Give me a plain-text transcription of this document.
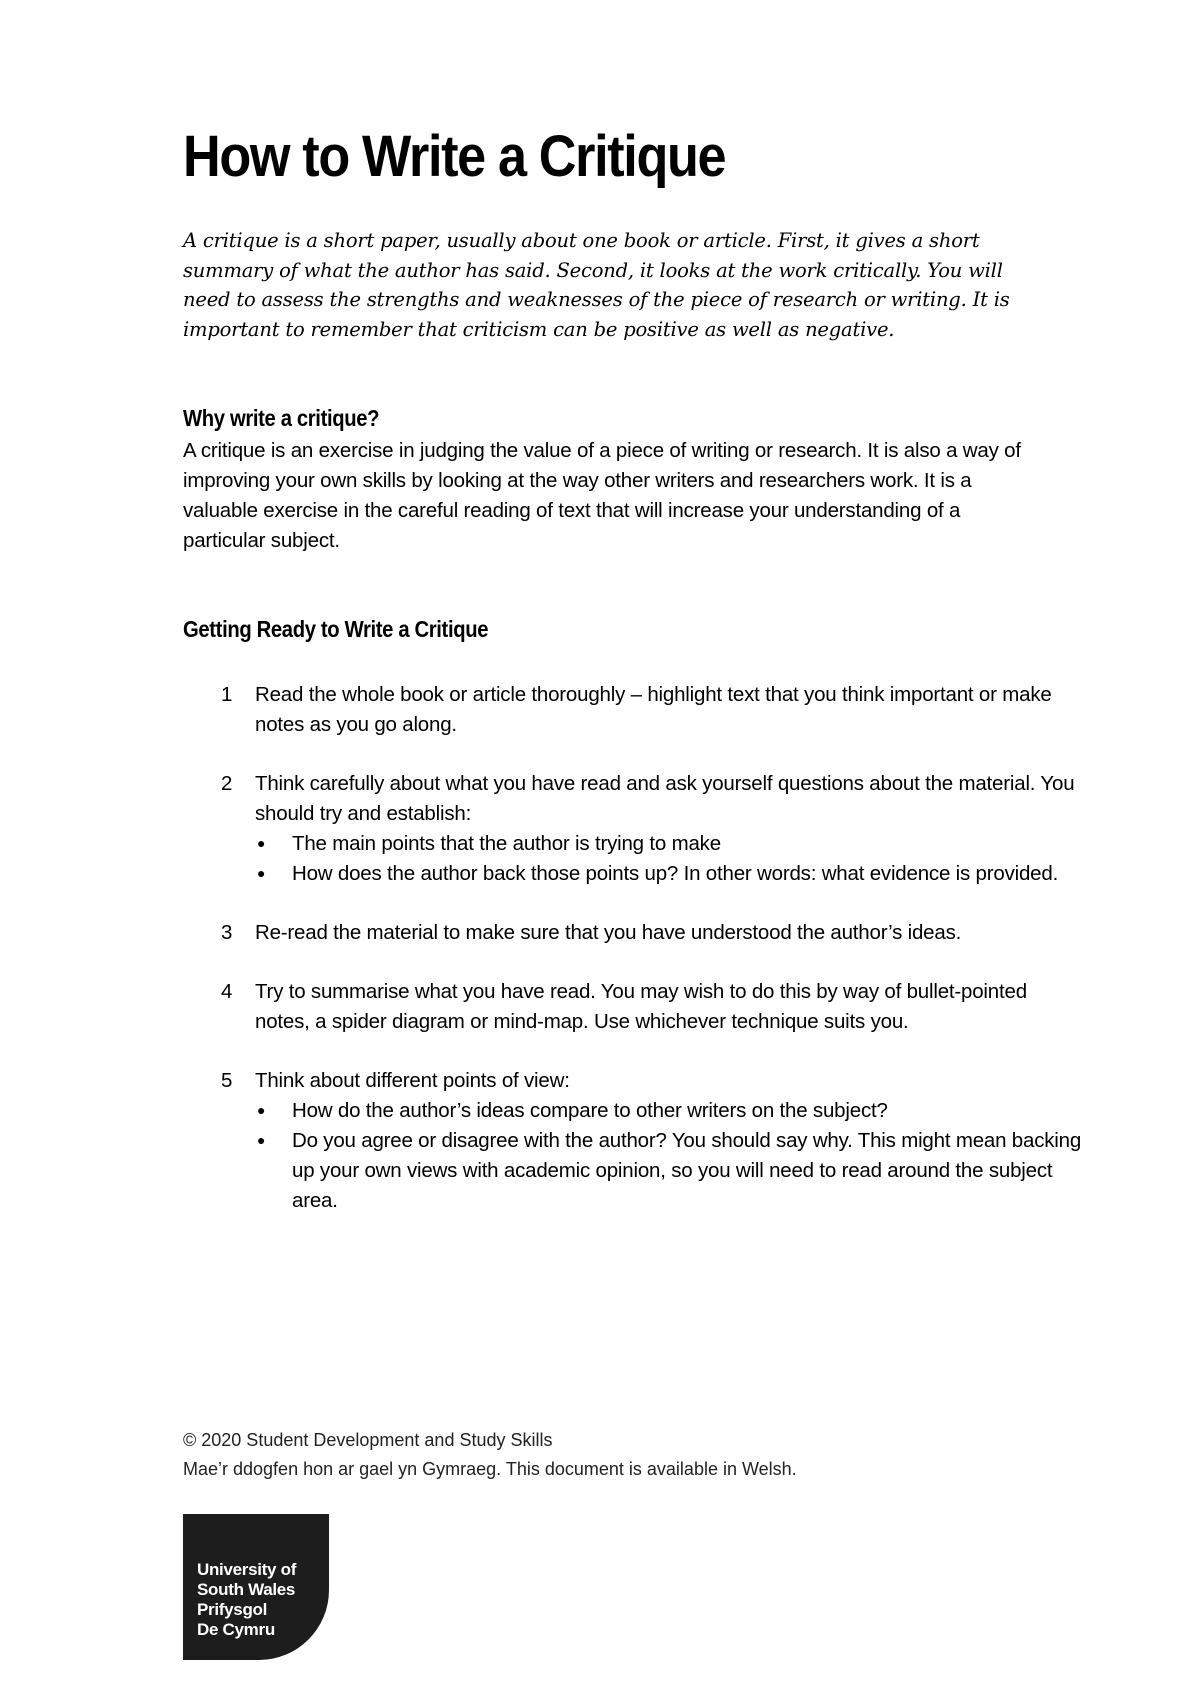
How to Write a Critique

A critique is a short paper, usually about one book or article. First, it gives a short summary of what the author has said. Second, it looks at the work critically. You will need to assess the strengths and weaknesses of the piece of research or writing. It is important to remember that criticism can be positive as well as negative.

Why write a critique?

A critique is an exercise in judging the value of a piece of writing or research. It is also a way of improving your own skills by looking at the way other writers and researchers work. It is a valuable exercise in the careful reading of text that will increase your understanding of a particular subject.

Getting Ready to Write a Critique
1 Read the whole book or article thoroughly – highlight text that you think important or make notes as you go along.
2 Think carefully about what you have read and ask yourself questions about the material. You should try and establish:
● The main points that the author is trying to make
● How does the author back those points up? In other words: what evidence is provided.
3 Re-read the material to make sure that you have understood the author’s ideas.
4 Try to summarise what you have read. You may wish to do this by way of bullet-pointed notes, a spider diagram or mind-map. Use whichever technique suits you.
5 Think about different points of view:
● How do the author’s ideas compare to other writers on the subject?
● Do you agree or disagree with the author? You should say why. This might mean backing up your own views with academic opinion, so you will need to read around the subject area.
© 2020 Student Development and Study Skills
Mae’r ddogfen hon ar gael yn Gymraeg. This document is available in Welsh.
University of
South Wales
Prifysgol
De Cymru
